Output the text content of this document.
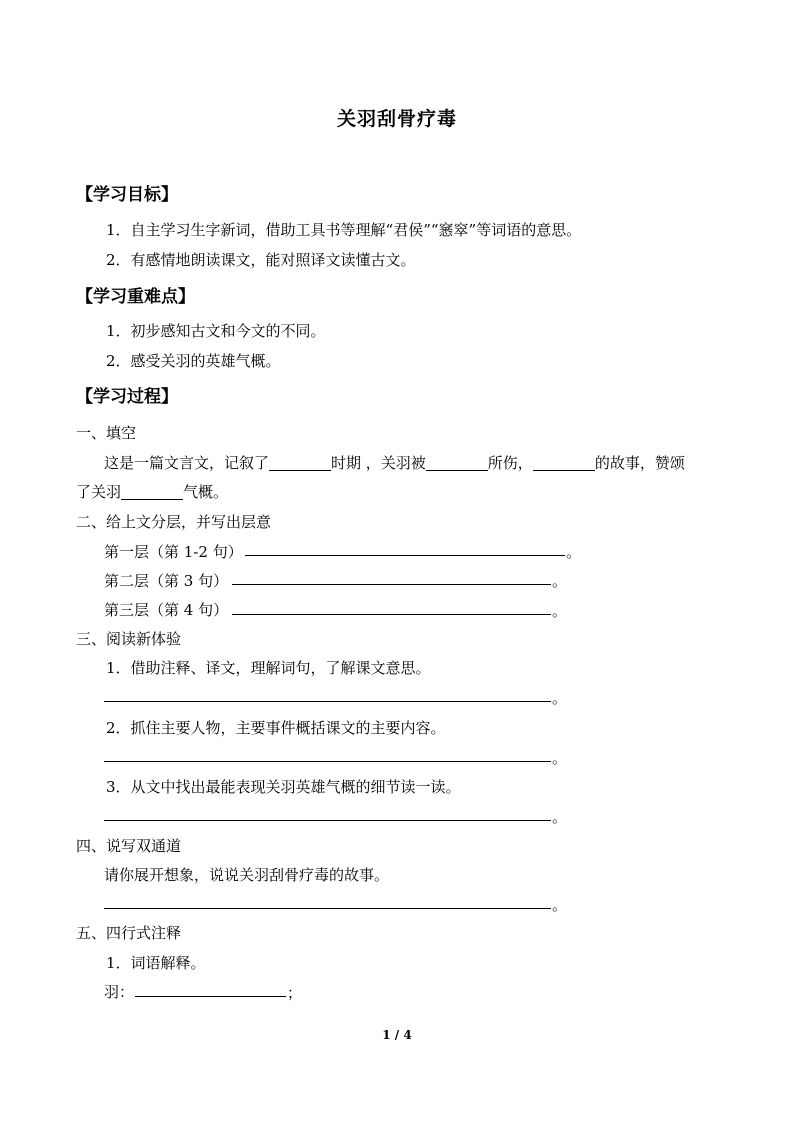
关羽刮骨疗毒
【学习目标】
1．自主学习生字新词，借助工具书等理解“君侯”“窸窣”等词语的意思。
2．有感情地朗读课文，能对照译文读懂古文。
【学习重难点】
1．初步感知古文和今文的不同。
2．感受关羽的英雄气概。
【学习过程】
一、填空
这是一篇文言文，记叙了	时期 ，关羽被	所伤，	的故事，赞颂
了关羽	气概。
二、给上文分层，并写出层意
第一层（第 1-2 句）	。
第二层（第 3 句）	。
第三层（第 4 句）	。
三、阅读新体验
1．借助注释、译文，理解词句，了解课文意思。
。
2．抓住主要人物，主要事件概括课文的主要内容。
。
3．从文中找出最能表现关羽英雄气概的细节读一读。
。
四、说写双通道
请你展开想象，说说关羽刮骨疗毒的故事。
。
五、四行式注释
1．词语解释。
羽：	；
1 / 4
